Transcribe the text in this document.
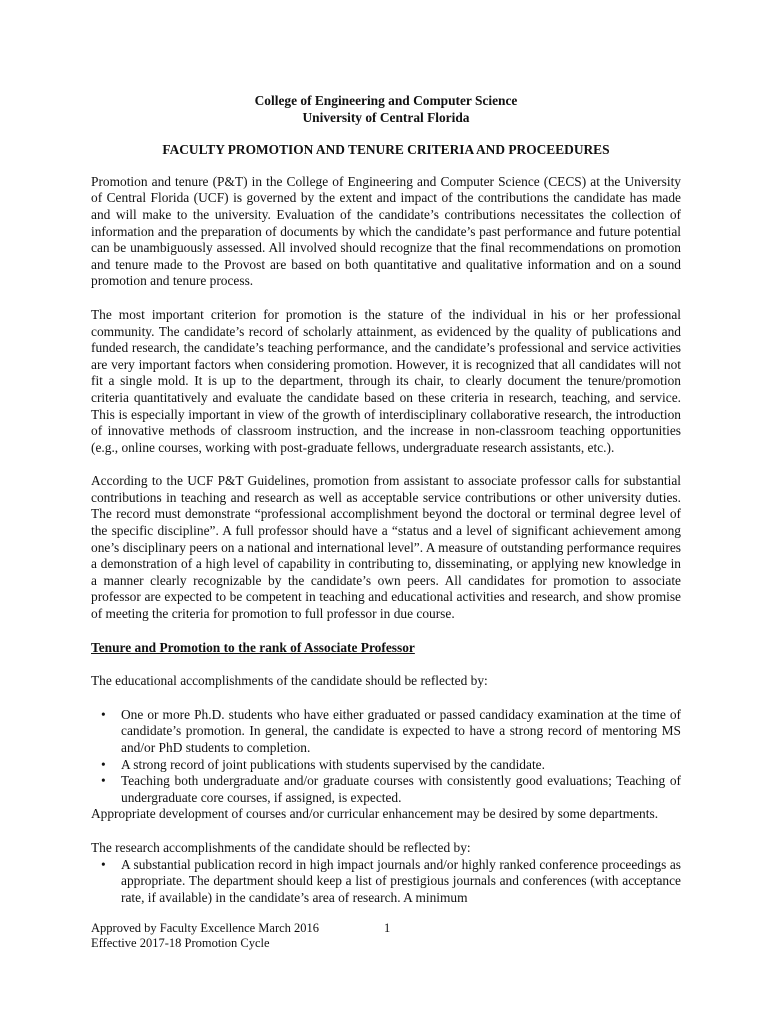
College of Engineering and Computer Science
University of Central Florida
FACULTY PROMOTION AND TENURE CRITERIA AND PROCEEDURES

Promotion and tenure (P&T) in the College of Engineering and Computer Science (CECS) at the University of Central Florida (UCF) is governed by the extent and impact of the contributions the candidate has made and will make to the university. Evaluation of the candidate’s contributions necessitates the collection of information and the preparation of documents by which the candidate’s past performance and future potential can be unambiguously assessed. All involved should recognize that the final recommendations on promotion and tenure made to the Provost are based on both quantitative and qualitative information and on a sound promotion and tenure process.

The most important criterion for promotion is the stature of the individual in his or her professional community. The candidate’s record of scholarly attainment, as evidenced by the quality of publications and funded research, the candidate’s teaching performance, and the candidate’s professional and service activities are very important factors when considering promotion. However, it is recognized that all candidates will not fit a single mold. It is up to the department, through its chair, to clearly document the tenure/promotion criteria quantitatively and evaluate the candidate based on these criteria in research, teaching, and service. This is especially important in view of the growth of interdisciplinary collaborative research, the introduction of innovative methods of classroom instruction, and the increase in non-classroom teaching opportunities (e.g., online courses, working with post-graduate fellows, undergraduate research assistants, etc.).

According to the UCF P&T Guidelines, promotion from assistant to associate professor calls for substantial contributions in teaching and research as well as acceptable service contributions or other university duties. The record must demonstrate “professional accomplishment beyond the doctoral or terminal degree level of the specific discipline”. A full professor should have a “status and a level of significant achievement among one’s disciplinary peers on a national and international level”. A measure of outstanding performance requires a demonstration of a high level of capability in contributing to, disseminating, or applying new knowledge in a manner clearly recognizable by the candidate’s own peers. All candidates for promotion to associate professor are expected to be competent in teaching and educational activities and research, and show promise of meeting the criteria for promotion to full professor in due course.

Tenure and Promotion to the rank of Associate Professor
The educational accomplishments of the candidate should be reflected by:
• One or more Ph.D. students who have either graduated or passed candidacy examination at the time of candidate’s promotion. In general, the candidate is expected to have a strong record of mentoring MS and/or PhD students to completion.
• A strong record of joint publications with students supervised by the candidate.
• Teaching both undergraduate and/or graduate courses with consistently good evaluations; Teaching of undergraduate core courses, if assigned, is expected.
Appropriate development of courses and/or curricular enhancement may be desired by some departments.
The research accomplishments of the candidate should be reflected by:
• A substantial publication record in high impact journals and/or highly ranked conference proceedings as appropriate. The department should keep a list of prestigious journals and conferences (with acceptance rate, if available) in the candidate’s area of research. A minimum
Approved by Faculty Excellence March 2016	1
Effective 2017-18 Promotion Cycle
